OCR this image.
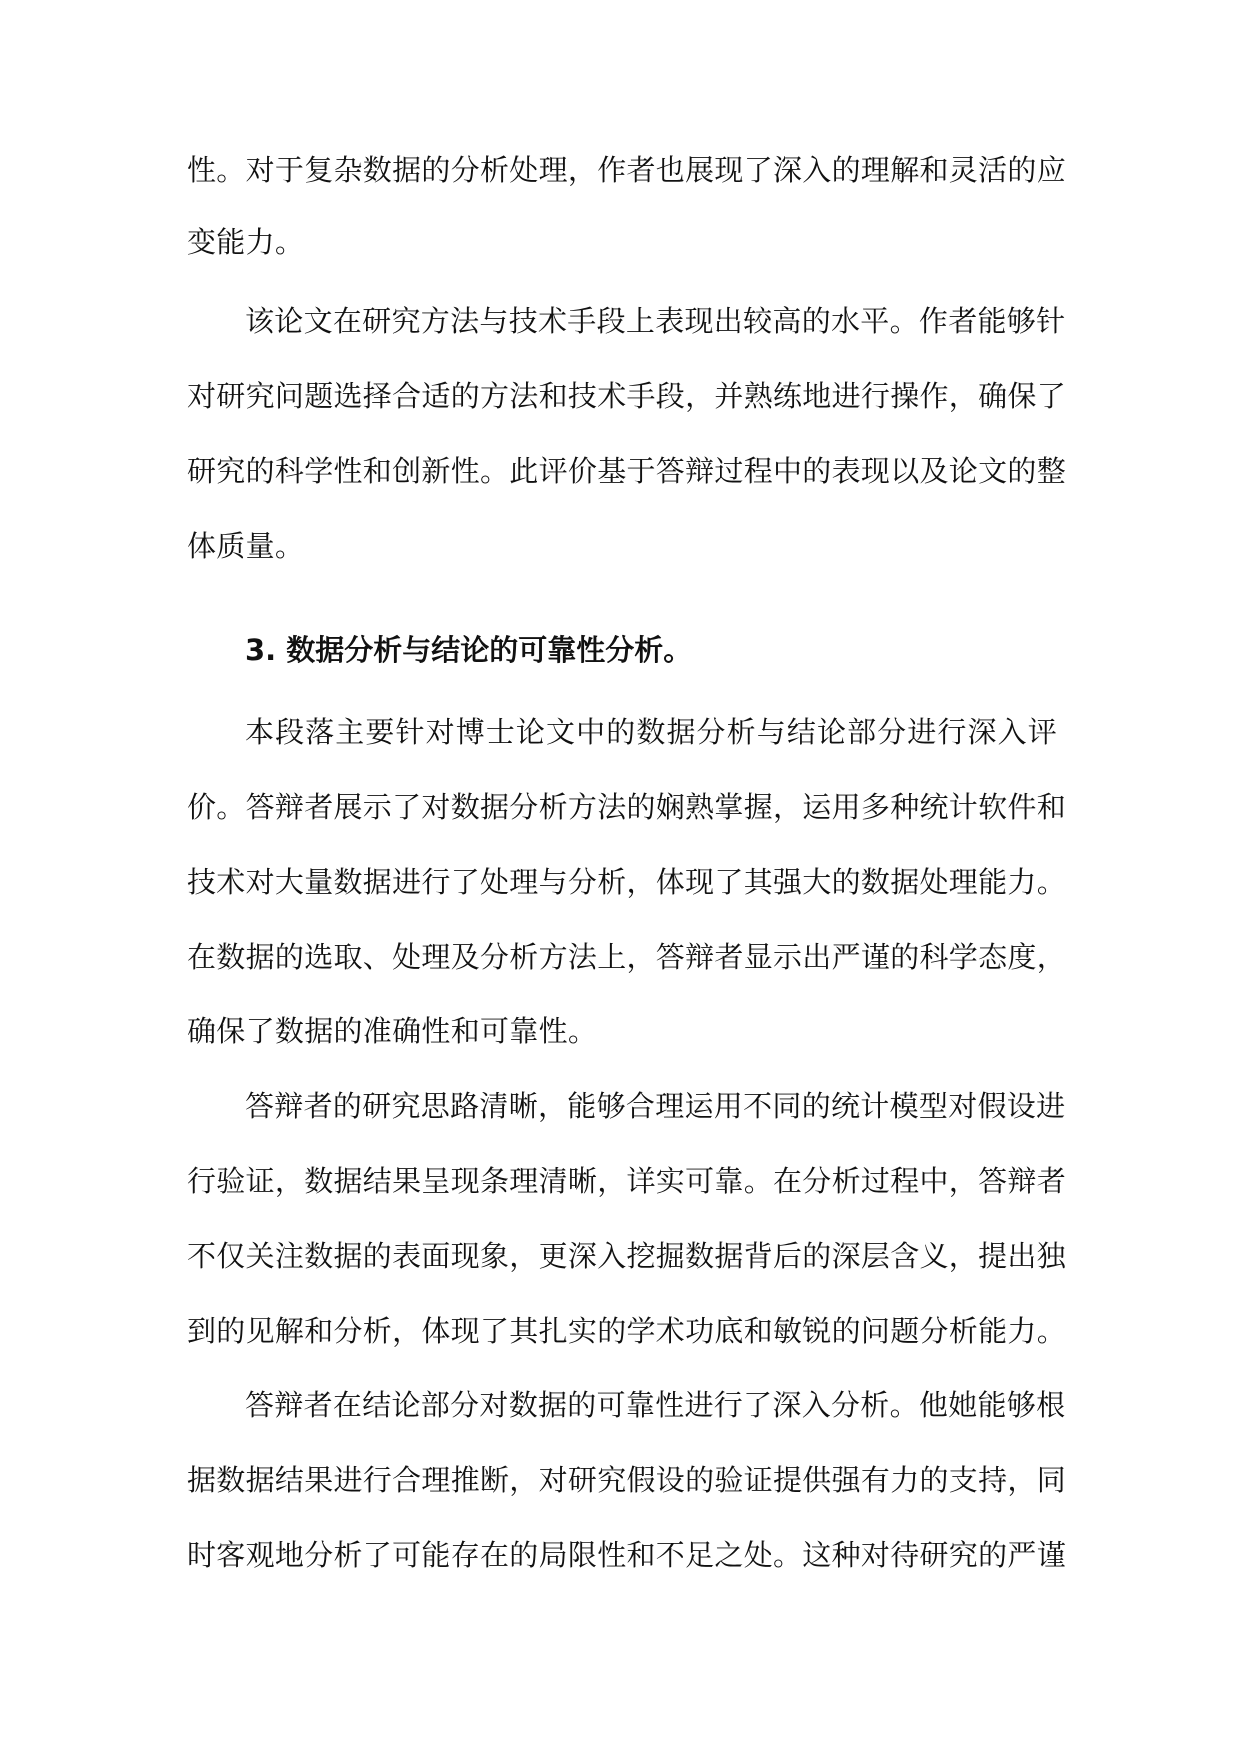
性。对于复杂数据的分析处理，作者也展现了深入的理解和灵活的应
变能力。
该论文在研究方法与技术手段上表现出较高的水平。作者能够针
对研究问题选择合适的方法和技术手段，并熟练地进行操作，确保了
研究的科学性和创新性。此评价基于答辩过程中的表现以及论文的整
体质量。
3. 数据分析与结论的可靠性分析。
本段落主要针对博士论文中的数据分析与结论部分进行深入评
价。答辩者展示了对数据分析方法的娴熟掌握，运用多种统计软件和
技术对大量数据进行了处理与分析，体现了其强大的数据处理能力。
在数据的选取、处理及分析方法上，答辩者显示出严谨的科学态度，
确保了数据的准确性和可靠性。
答辩者的研究思路清晰，能够合理运用不同的统计模型对假设进
行验证，数据结果呈现条理清晰，详实可靠。在分析过程中，答辩者
不仅关注数据的表面现象，更深入挖掘数据背后的深层含义，提出独
到的见解和分析，体现了其扎实的学术功底和敏锐的问题分析能力。
答辩者在结论部分对数据的可靠性进行了深入分析。他她能够根
据数据结果进行合理推断，对研究假设的验证提供强有力的支持，同
时客观地分析了可能存在的局限性和不足之处。这种对待研究的严谨
